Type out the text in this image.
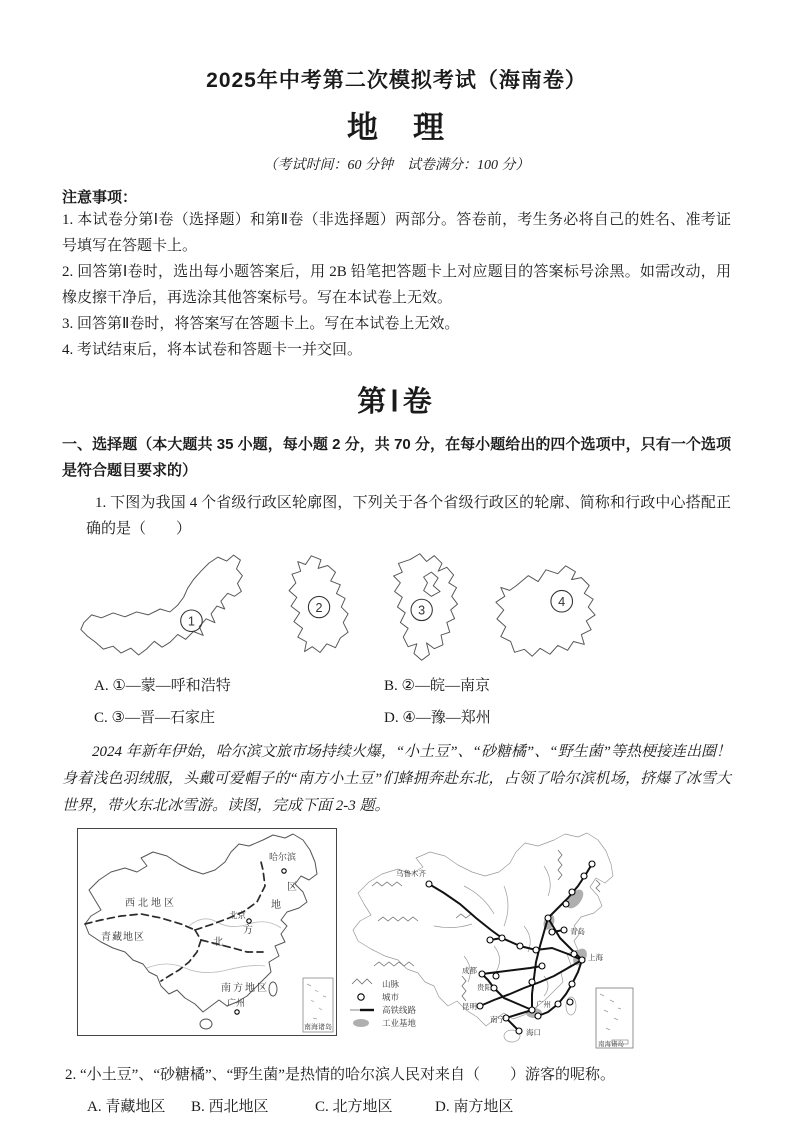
2025年中考第二次模拟考试（海南卷）
地　理
（考试时间：60 分钟　试卷满分：100 分）
注意事项：

1. 本试卷分第Ⅰ卷（选择题）和第Ⅱ卷（非选择题）两部分。答卷前，考生务必将自己的姓名、准考证号填写在答题卡上。

2. 回答第Ⅰ卷时，选出每小题答案后，用 2B 铅笔把答题卡上对应题目的答案标号涂黑。如需改动，用橡皮擦干净后，再选涂其他答案标号。写在本试卷上无效。

3. 回答第Ⅱ卷时，将答案写在答题卡上。写在本试卷上无效。

4. 考试结束后，将本试卷和答题卡一并交回。

第Ⅰ卷
一、选择题（本大题共 35 小题，每小题 2 分，共 70 分，在每小题给出的四个选项中，只有一个选项是符合题目要求的）
1. 下图为我国 4 个省级行政区轮廓图，下列关于各个省级行政区的轮廓、简称和行政中心搭配正确的是（　　）
1
2	3
4
A. ①—蒙—呼和浩特	B. ②—皖—南京
C. ③—晋—石家庄	D. ④—豫—郑州
2024 年新年伊始，哈尔滨文旅市场持续火爆，“小土豆”、“砂糖橘”、“野生菌”等热梗接连出圈！身着浅色羽绒服，头戴可爱帽子的“南方小土豆”们蜂拥奔赴东北，占领了哈尔滨机场，挤爆了冰雪大世界，带火东北冰雪游。读图，完成下面 2-3 题。
西北地区
青藏地区
南方地区
北
方
地
区
哈尔滨
北京
广州
南海诸岛
乌鲁木齐
青岛
上海
成都
贵阳
昆明
南宁
广州
海口
山脉
城市
高铁线路
工业基地
南海诸岛
2. “小土豆”、“砂糖橘”、“野生菌”是热情的哈尔滨人民对来自（　　）游客的呢称。
A. 青藏地区	B. 西北地区	C. 北方地区	D. 南方地区
